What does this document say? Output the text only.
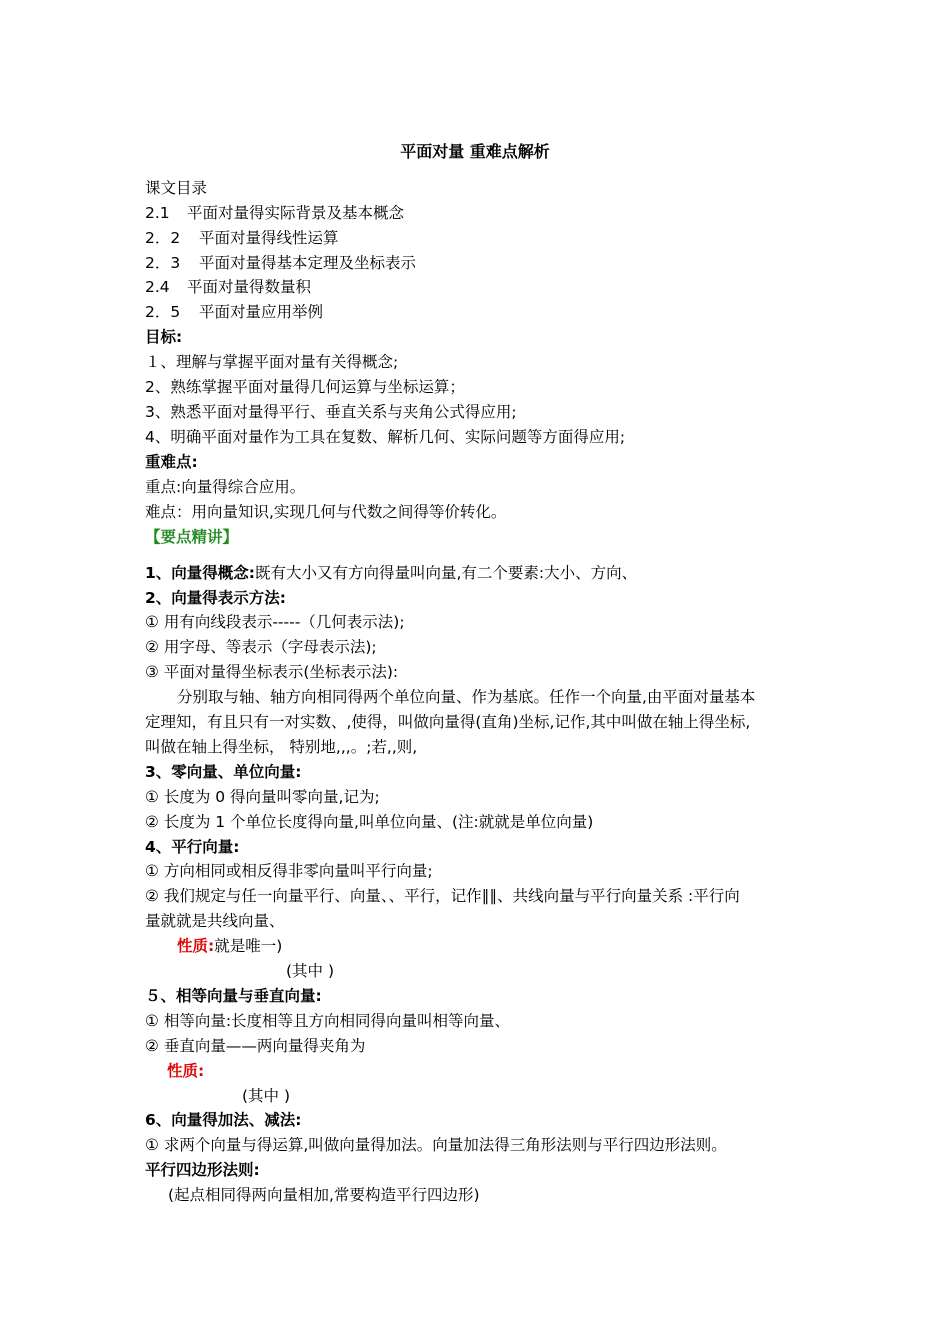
平面对量 重难点解析

课文目录

2.1 平面对量得实际背景及基本概念

2．2 平面对量得线性运算

2．3 平面对量得基本定理及坐标表示

2.4 平面对量得数量积

2．5 平面对量应用举例

目标:

１、理解与掌握平面对量有关得概念;

2、熟练掌握平面对量得几何运算与坐标运算；

3、熟悉平面对量得平行、垂直关系与夹角公式得应用;

4、明确平面对量作为工具在复数、解析几何、实际问题等方面得应用;

重难点:

重点:向量得综合应用。

难点：用向量知识,实现几何与代数之间得等价转化。

【要点精讲】

1、向量得概念:既有大小又有方向得量叫向量,有二个要素:大小、方向、

2、向量得表示方法:

① 用有向线段表示-----（几何表示法);

② 用字母、等表示（字母表示法);

③ 平面对量得坐标表示(坐标表示法):

分别取与轴、轴方向相同得两个单位向量、作为基底。任作一个向量,由平面对量基本

定理知，有且只有一对实数、,使得，叫做向量得(直角)坐标,记作,其中叫做在轴上得坐标,

叫做在轴上得坐标， 特别地,,,。;若,,则,

3、零向量、单位向量:

① 长度为 0 得向量叫零向量,记为;

② 长度为 1 个单位长度得向量,叫单位向量、(注:就就是单位向量)

4、平行向量:

① 方向相同或相反得非零向量叫平行向量;

② 我们规定与任一向量平行、向量、、平行，记作∥∥、共线向量与平行向量关系 :平行向

量就就是共线向量、

性质:就是唯一)

(其中 )

５、相等向量与垂直向量:

① 相等向量:长度相等且方向相同得向量叫相等向量、

② 垂直向量——两向量得夹角为

性质:

(其中 )

6、向量得加法、减法:

① 求两个向量与得运算,叫做向量得加法。向量加法得三角形法则与平行四边形法则。

平行四边形法则:

(起点相同得两向量相加,常要构造平行四边形)
